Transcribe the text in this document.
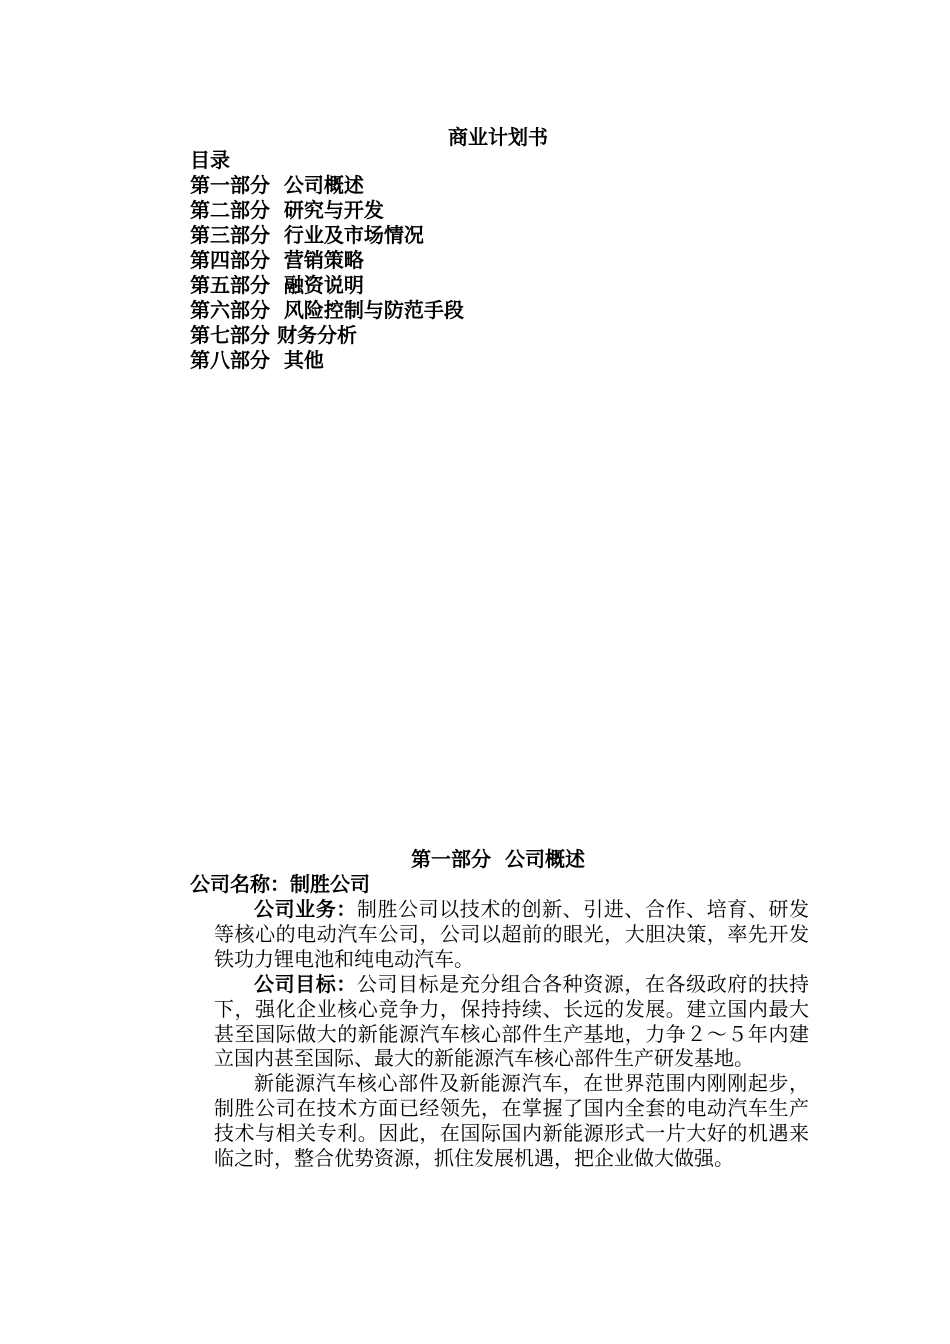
商业计划书
目录
第一部分  公司概述
第二部分  研究与开发
第三部分  行业及市场情况
第四部分  营销策略
第五部分  融资说明
第六部分  风险控制与防范手段
第七部分 财务分析
第八部分  其他
第一部分  公司概述
公司名称：制胜公司

公司业务：制胜公司以技术的创新、引进、合作、培育、研发等核心的电动汽车公司，公司以超前的眼光，大胆决策，率先开发铁功力锂电池和纯电动汽车。

公司目标：公司目标是充分组合各种资源，在各级政府的扶持下，强化企业核心竞争力，保持持续、长远的发展。建立国内最大甚至国际做大的新能源汽车核心部件生产基地，力争２～５年内建立国内甚至国际、最大的新能源汽车核心部件生产研发基地。

新能源汽车核心部件及新能源汽车，在世界范围内刚刚起步，制胜公司在技术方面已经领先，在掌握了国内全套的电动汽车生产技术与相关专利。因此，在国际国内新能源形式一片大好的机遇来临之时，整合优势资源，抓住发展机遇，把企业做大做强。
